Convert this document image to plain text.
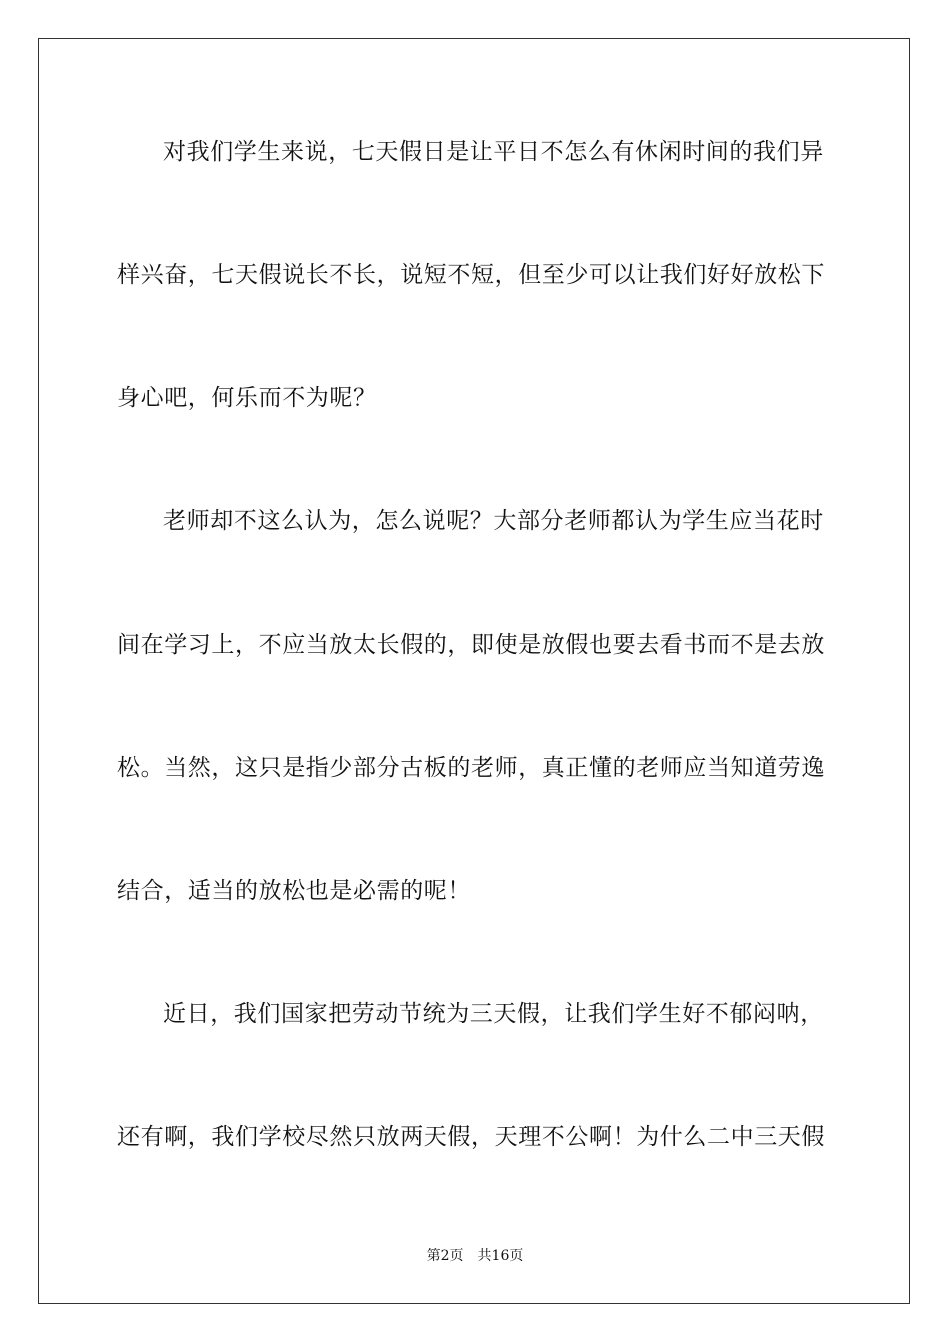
对我们学生来说，七天假日是让平日不怎么有休闲时间的我们异
样兴奋，七天假说长不长，说短不短，但至少可以让我们好好放松下
身心吧，何乐而不为呢？
老师却不这么认为，怎么说呢？大部分老师都认为学生应当花时
间在学习上，不应当放太长假的，即使是放假也要去看书而不是去放
松。当然，这只是指少部分古板的老师，真正懂的老师应当知道劳逸
结合，适当的放松也是必需的呢！
近日，我们国家把劳动节统为三天假，让我们学生好不郁闷呐，
还有啊，我们学校尽然只放两天假，天理不公啊！为什么二中三天假
第2页 共16页
